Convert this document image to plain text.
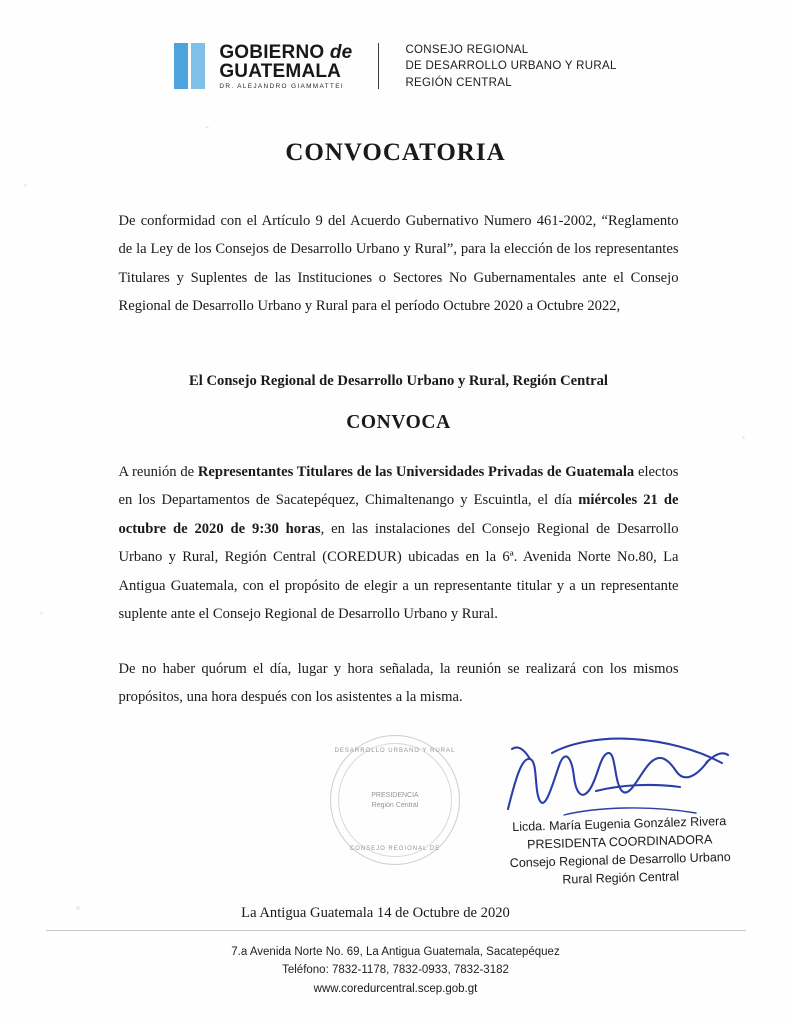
GOBIERNO de
GUATEMALA
DR. ALEJANDRO GIAMMATTEI
CONSEJO REGIONAL
DE DESARROLLO URBANO Y RURAL
REGIÓN CENTRAL
CONVOCATORIA

De conformidad con el Artículo 9 del Acuerdo Gubernativo Numero 461-2002, “Reglamento de la Ley de los Consejos de Desarrollo Urbano y Rural”, para la elección de los representantes Titulares y Suplentes de las Instituciones o Sectores No Gubernamentales ante el Consejo Regional de Desarrollo Urbano y Rural para el período Octubre 2020 a Octubre 2022,

El Consejo Regional de Desarrollo Urbano y Rural, Región Central
CONVOCA

A reunión de Representantes Titulares de las Universidades Privadas de Guatemala electos en los Departamentos de Sacatepéquez, Chimaltenango y Escuintla, el día miércoles 21 de octubre de 2020 de 9:30 horas, en las instalaciones del Consejo Regional de Desarrollo Urbano y Rural, Región Central (COREDUR) ubicadas en la 6ª. Avenida Norte No.80, La Antigua Guatemala, con el propósito de elegir a un representante titular y a un representante suplente ante el Consejo Regional de Desarrollo Urbano y Rural.

De no haber quórum el día, lugar y hora señalada, la reunión se realizará con los mismos propósitos, una hora después con los asistentes a la misma.

DESARROLLO URBANO Y RURAL
PRESIDENCIA
Región Central
CONSEJO REGIONAL DE
Licda. María Eugenia González Rivera
PRESIDENTA COORDINADORA
Consejo Regional de Desarrollo Urbano
Rural Región Central
La Antigua Guatemala 14 de Octubre de 2020
7.a Avenida Norte No. 69, La Antigua Guatemala, Sacatepéquez
Teléfono: 7832-1178, 7832-0933, 7832-3182
www.coredurcentral.scep.gob.gt
